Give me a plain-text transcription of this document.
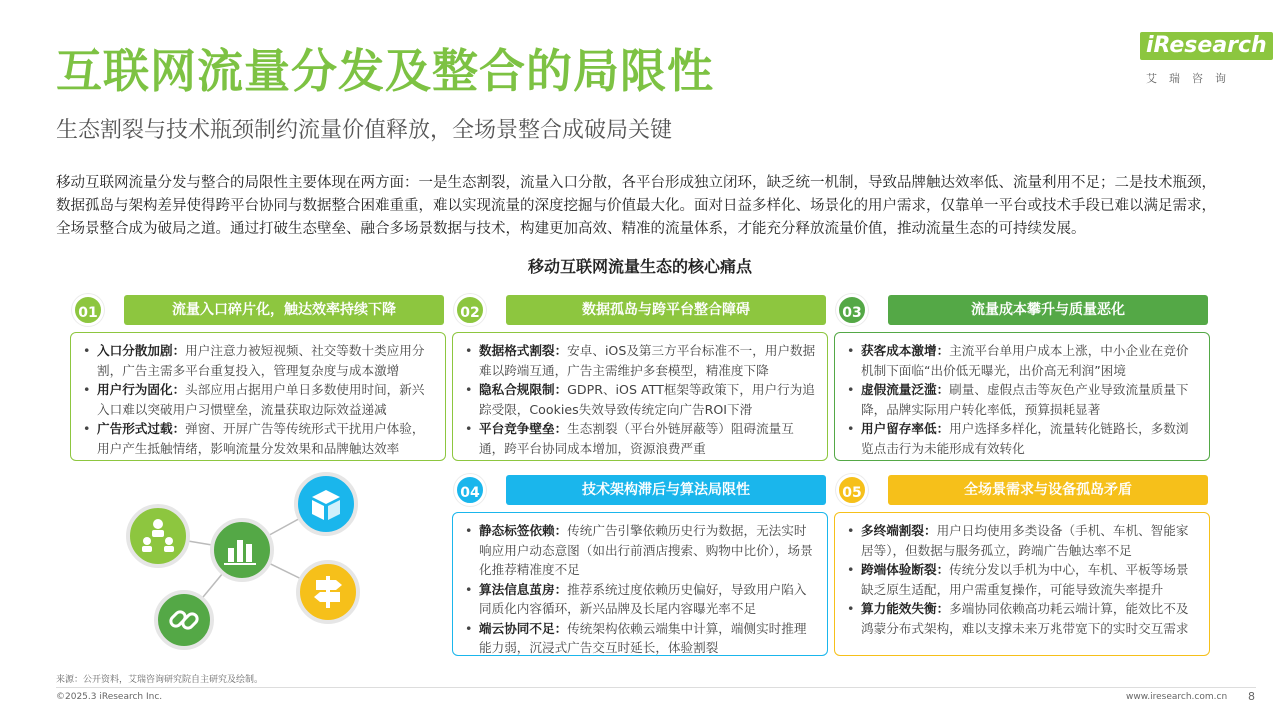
互联网流量分发及整合的局限性
生态割裂与技术瓶颈制约流量价值释放，全场景整合成破局关键
iResearch
艾瑞咨询
移动互联网流量分发与整合的局限性主要体现在两方面：一是生态割裂，流量入口分散，各平台形成独立闭环，缺乏统一机制，导致品牌触达效率低、流量利用不足；二是技术瓶颈，数据孤岛与架构差异使得跨平台协同与数据整合困难重重，难以实现流量的深度挖掘与价值最大化。面对日益多样化、场景化的用户需求，仅靠单一平台或技术手段已难以满足需求，全场景整合成为破局之道。通过打破生态壁垒、融合多场景数据与技术，构建更加高效、精准的流量体系，才能充分释放流量价值，推动流量生态的可持续发展。
移动互联网流量生态的核心痛点
01	流量入口碎片化，触达效率持续下降
• 入口分散加剧：用户注意力被短视频、社交等数十类应用分割，广告主需多平台重复投入，管理复杂度与成本激增
• 用户行为固化：头部应用占据用户单日多数使用时间，新兴入口难以突破用户习惯壁垒，流量获取边际效益递减
• 广告形式过载：弹窗、开屏广告等传统形式干扰用户体验，用户产生抵触情绪，影响流量分发效果和品牌触达效率
02	数据孤岛与跨平台整合障碍
• 数据格式割裂：安卓、iOS及第三方平台标准不一，用户数据难以跨端互通，广告主需维护多套模型，精准度下降
• 隐私合规限制：GDPR、iOS ATT框架等政策下，用户行为追踪受限，Cookies失效导致传统定向广告ROI下滑
• 平台竞争壁垒：生态割裂（平台外链屏蔽等）阻碍流量互通，跨平台协同成本增加，资源浪费严重
03	流量成本攀升与质量恶化
• 获客成本激增：主流平台单用户成本上涨，中小企业在竞价机制下面临“出价低无曝光，出价高无利润”困境
• 虚假流量泛滥：刷量、虚假点击等灰色产业导致流量质量下降，品牌实际用户转化率低，预算损耗显著
• 用户留存率低：用户选择多样化，流量转化链路长，多数浏览点击行为未能形成有效转化
04	技术架构滞后与算法局限性
• 静态标签依赖：传统广告引擎依赖历史行为数据，无法实时响应用户动态意图（如出行前酒店搜索、购物中比价），场景化推荐精准度不足
• 算法信息茧房：推荐系统过度依赖历史偏好，导致用户陷入同质化内容循环，新兴品牌及长尾内容曝光率不足
• 端云协同不足：传统架构依赖云端集中计算，端侧实时推理能力弱，沉浸式广告交互时延长，体验割裂
05	全场景需求与设备孤岛矛盾
• 多终端割裂：用户日均使用多类设备（手机、车机、智能家居等），但数据与服务孤立，跨端广告触达率不足
• 跨端体验断裂：传统分发以手机为中心，车机、平板等场景缺乏原生适配，用户需重复操作，可能导致流失率提升
• 算力能效失衡：多端协同依赖高功耗云端计算，能效比不及鸿蒙分布式架构，难以支撑未来万兆带宽下的实时交互需求
来源：公开资料，艾瑞咨询研究院自主研究及绘制。
©2025.3 iResearch Inc.	www.iresearch.com.cn 8
